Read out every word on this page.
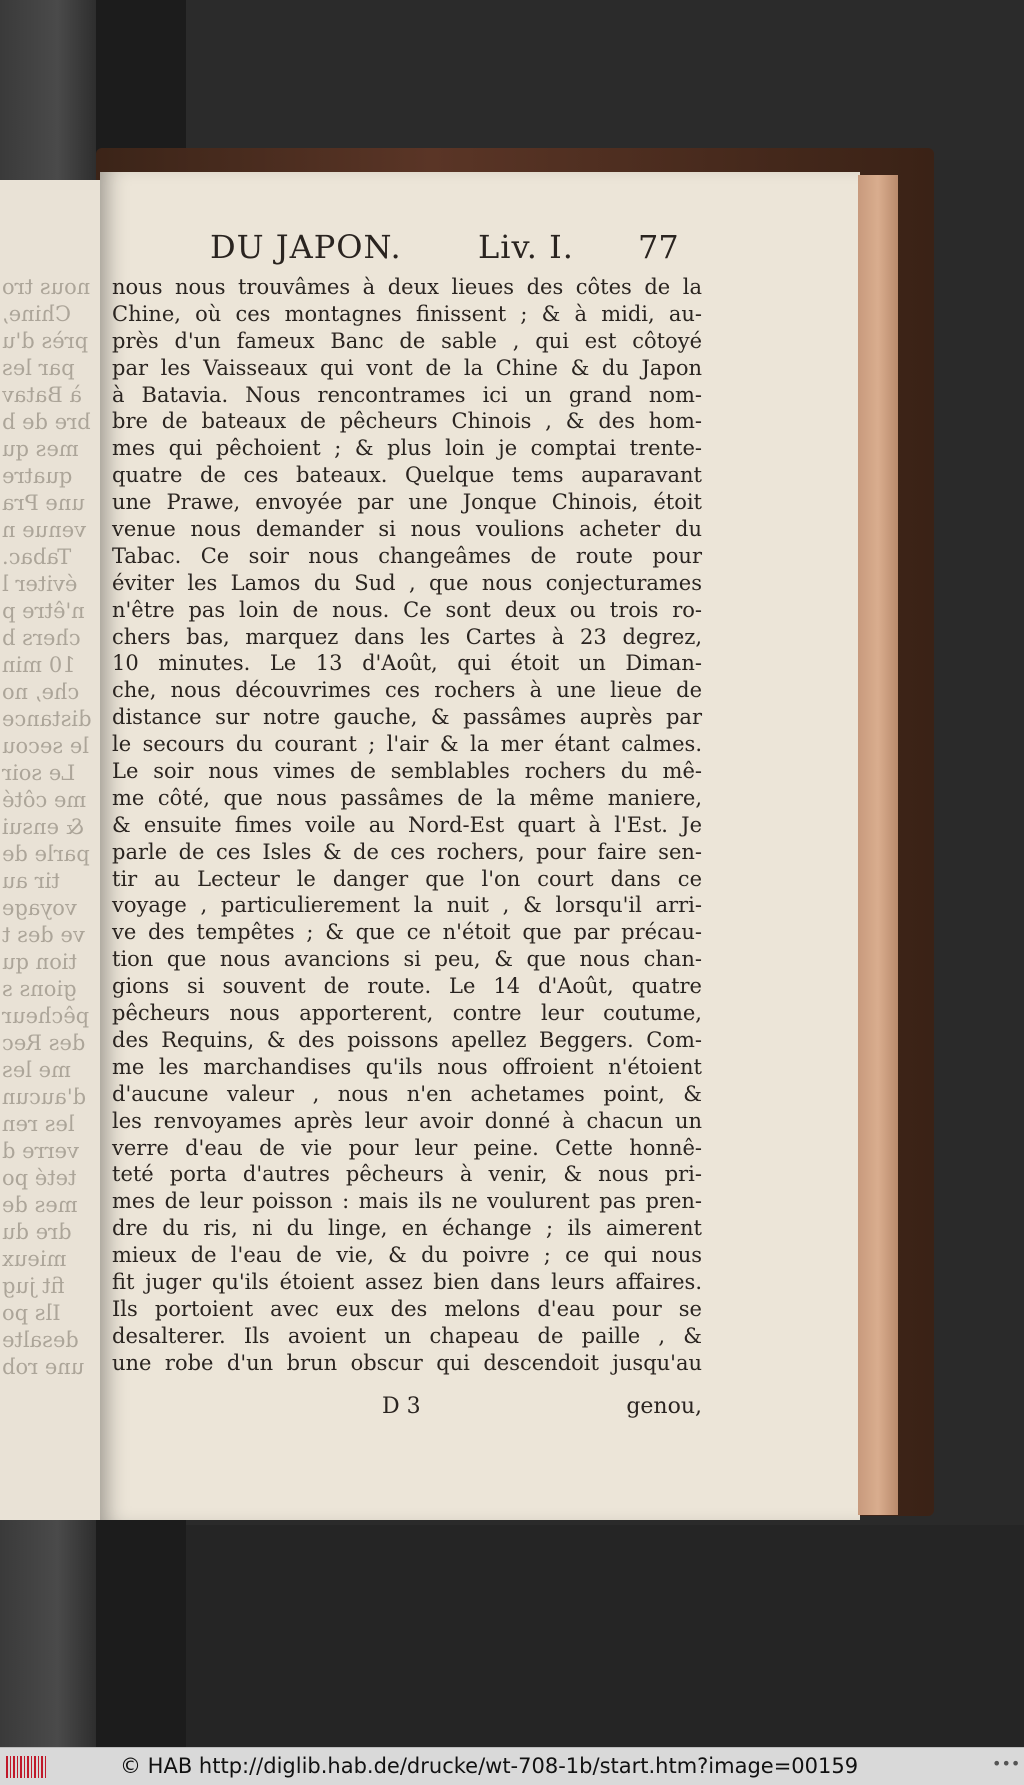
nous tro
Chine,
près d'u
par les
à Batav
bre de b
mes qu
quatre
une Pra
venue n
Tabac.
éviter l
n'être p
chers b
10 min
che, no
distance
le secou
Le soir
me côté
& ensui
parle de
tir au
voyage
ve des t
tion qu
gions s
pêcheur
des Rec
me les
d'aucun
les ren
verre d
teté po
mes de
dre du
mieux
fit jug
Ils po
desalte
une rob
DU JAPON. Liv. I. 77
nous nous trouvâmes à deux lieues des côtes de la
Chine, où ces montagnes finissent ; & à midi, au-
près d'un fameux Banc de sable , qui est côtoyé
par les Vaisseaux qui vont de la Chine & du Japon
à Batavia. Nous rencontrames ici un grand nom-
bre de bateaux de pêcheurs Chinois , & des hom-
mes qui pêchoient ; & plus loin je comptai trente-
quatre de ces bateaux. Quelque tems auparavant
une Prawe, envoyée par une Jonque Chinois, étoit
venue nous demander si nous voulions acheter du
Tabac. Ce soir nous changeâmes de route pour
éviter les Lamos du Sud , que nous conjecturames
n'être pas loin de nous. Ce sont deux ou trois ro-
chers bas, marquez dans les Cartes à 23 degrez,
10 minutes. Le 13 d'Août, qui étoit un Diman-
che, nous découvrimes ces rochers à une lieue de
distance sur notre gauche, & passâmes auprès par
le secours du courant ; l'air & la mer étant calmes.
Le soir nous vimes de semblables rochers du mê-
me côté, que nous passâmes de la même maniere,
& ensuite fimes voile au Nord-Est quart à l'Est. Je
parle de ces Isles & de ces rochers, pour faire sen-
tir au Lecteur le danger que l'on court dans ce
voyage , particulierement la nuit , & lorsqu'il arri-
ve des tempêtes ; & que ce n'étoit que par précau-
tion que nous avancions si peu, & que nous chan-
gions si souvent de route. Le 14 d'Août, quatre
pêcheurs nous apporterent, contre leur coutume,
des Requins, & des poissons apellez Beggers. Com-
me les marchandises qu'ils nous offroient n'étoient
d'aucune valeur , nous n'en achetames point, &
les renvoyames après leur avoir donné à chacun un
verre d'eau de vie pour leur peine. Cette honnê-
teté porta d'autres pêcheurs à venir, & nous pri-
mes de leur poisson : mais ils ne voulurent pas pren-
dre du ris, ni du linge, en échange ; ils aimerent
mieux de l'eau de vie, & du poivre ; ce qui nous
fit juger qu'ils étoient assez bien dans leurs affaires.
Ils portoient avec eux des melons d'eau pour se
desalterer. Ils avoient un chapeau de paille , &
une robe d'un brun obscur qui descendoit jusqu'au
D 3	genou,
© HAB http://diglib.hab.de/drucke/wt-708-1b/start.htm?image=00159	•••
